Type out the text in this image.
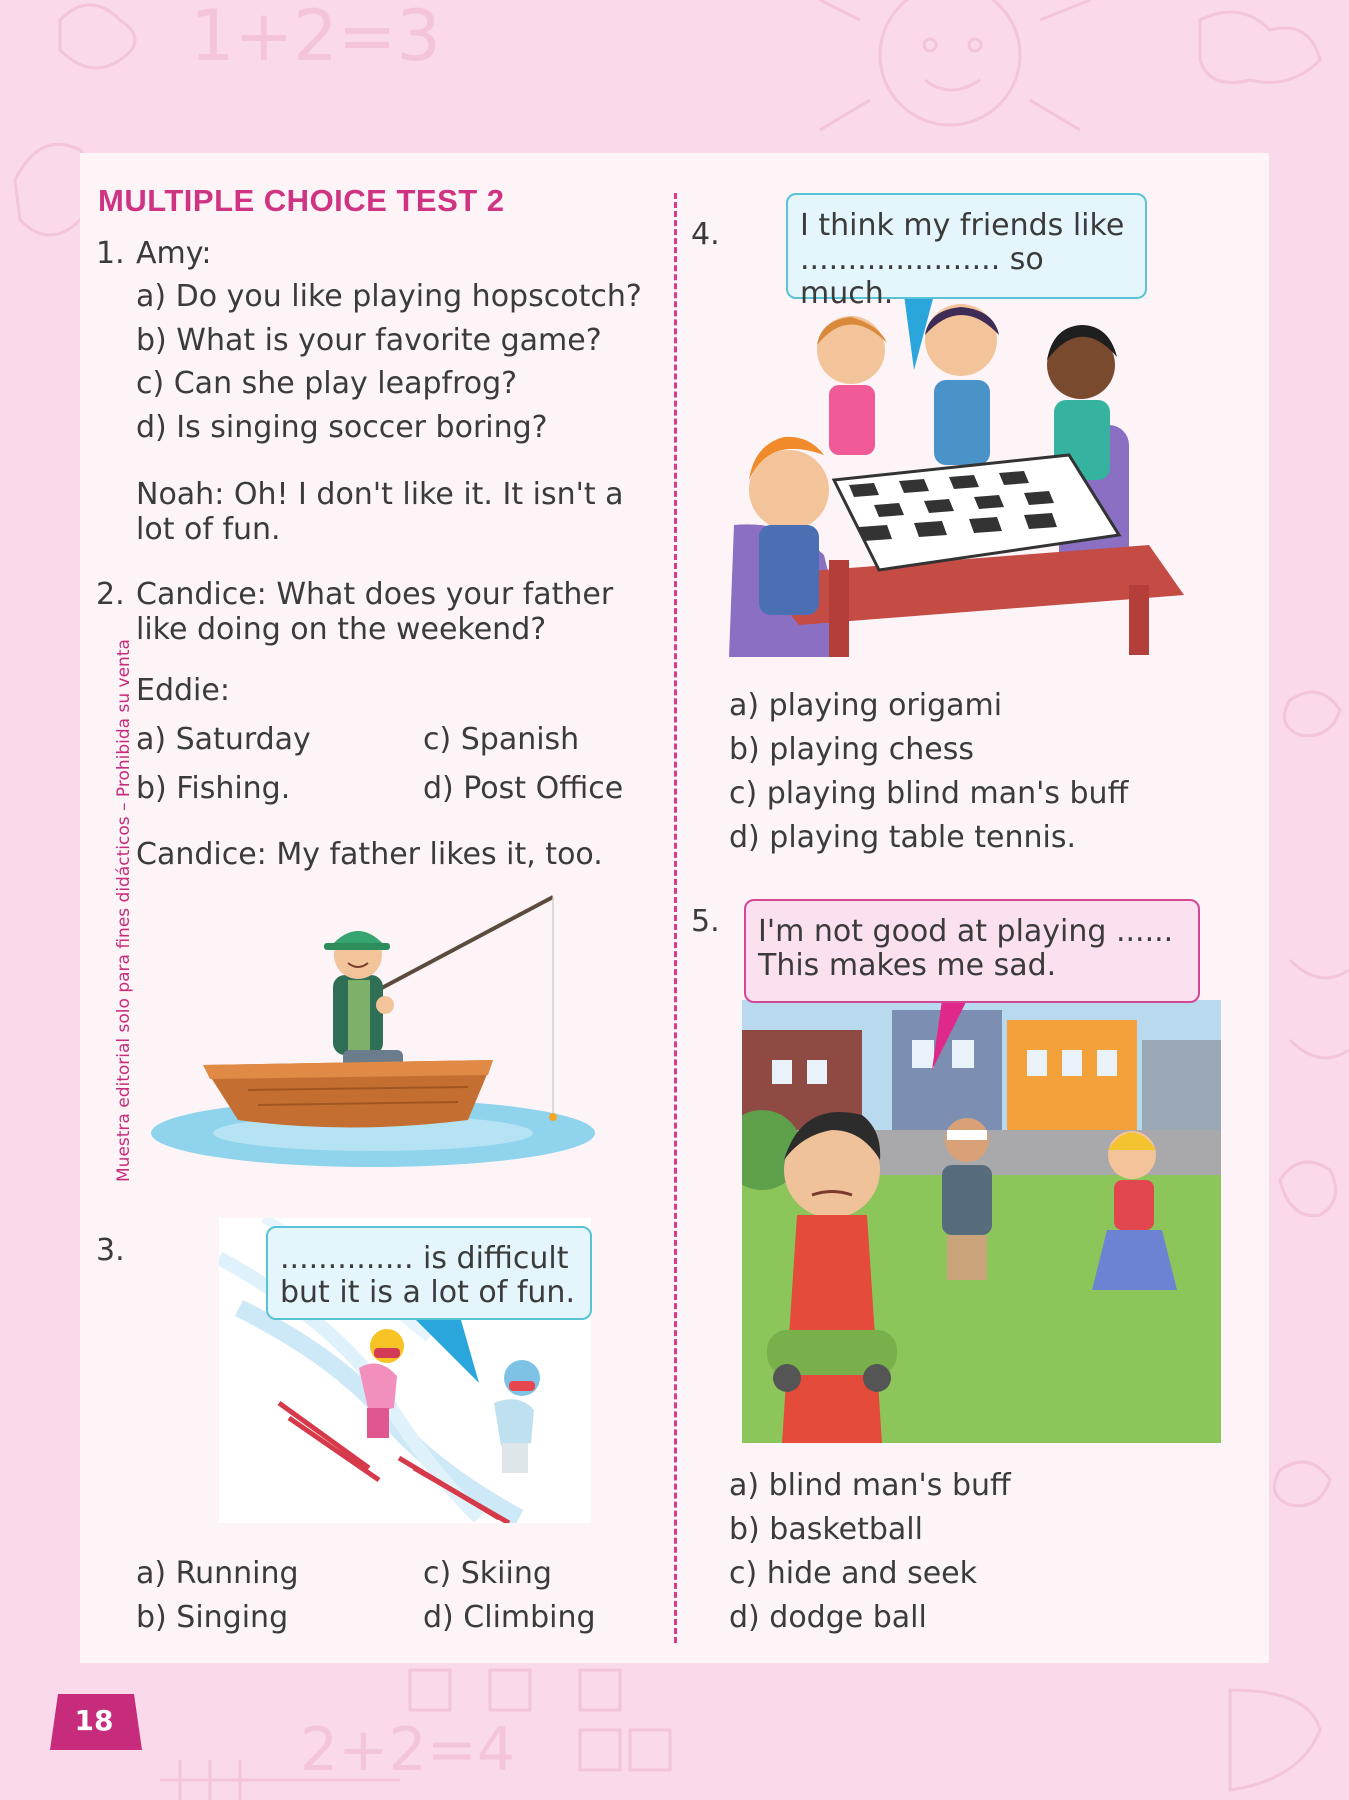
1+2=3
2+2=4
Muestra editorial solo para fines didácticos – Prohibida su venta
MULTIPLE CHOICE TEST 2
1. Amy:
a) Do you like playing hopscotch?
b) What is your favorite game?
c) Can she play leapfrog?
d) Is singing soccer boring?
Noah: Oh! I don't like it. It isn't a lot of fun.
2. Candice: What does your father like doing on the weekend?
Eddie:
a) Saturday
b) Fishing.
c) Spanish
d) Post Office
Candice: My father likes it, too.
3.	.............. is difficult but it is a lot of fun.
a) Running
b) Singing
c) Skiing
d) Climbing
4.	I think my friends like ..................... so much.
a) playing origami
b) playing chess
c) playing blind man's buff
d) playing table tennis.
5. I'm not good at playing ...... This makes me sad.
a) blind man's buff
b) basketball
c) hide and seek
d) dodge ball
18
